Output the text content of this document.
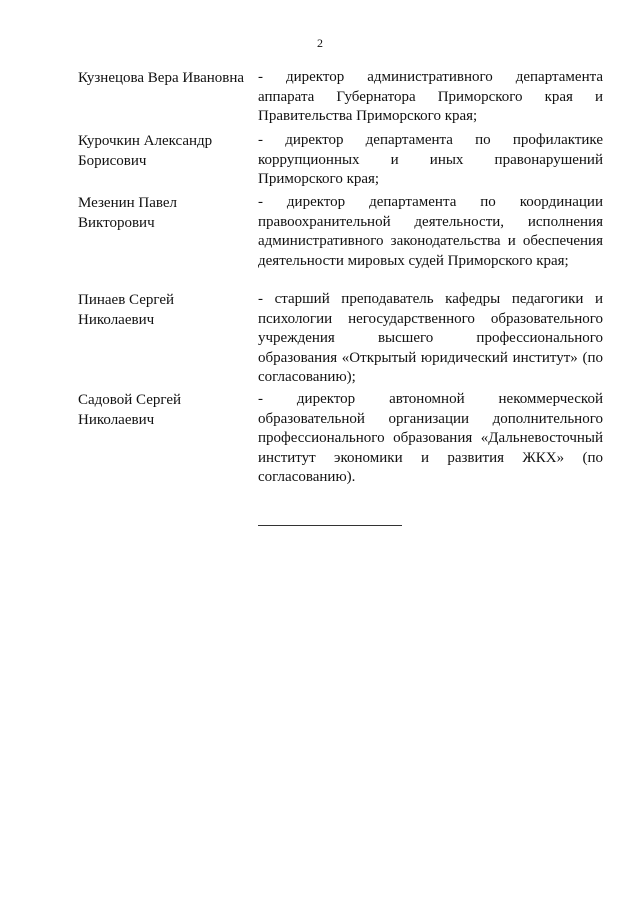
2
Кузнецова Вера Ивановна - директор административного департамента аппарата Губернатора Приморского края и Правительства Приморского края;
Курочкин Александр Борисович
- директор департамента по профилактике коррупционных и иных правонарушений Приморского края;
Мезенин Павел Викторович
- директор департамента по координации правоохранительной деятельности, исполнения административного законодательства и обеспечения деятельности мировых судей Приморского края;
Пинаев Сергей Николаевич
- старший преподаватель кафедры педагогики и психологии негосударственного образовательного учреждения высшего профессионального образования «Открытый юридический институт» (по согласованию);
Садовой Сергей Николаевич
- директор автономной некоммерческой образовательной организации дополнительного профессионального образования «Дальневосточный институт экономики и развития ЖКХ» (по согласованию).
